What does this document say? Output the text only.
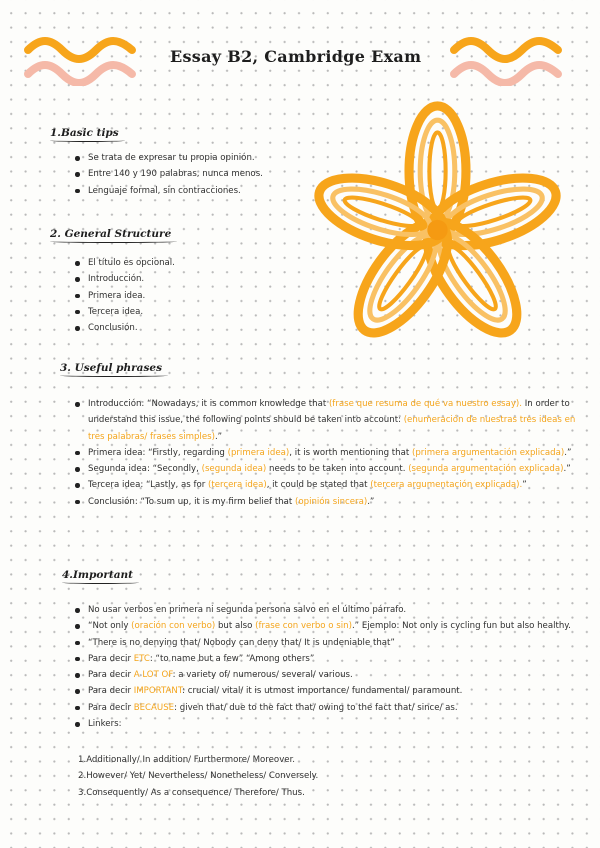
Essay B2, Cambridge Exam
1.Basic tips
Se trata de expresar tu propia opinión.
Entre 140 y 190 palabras, nunca menos.
Lenguaje formal, sin contracciones.
2. General Structure
El título es opcional.
Introducción.
Primera idea.
Tercera idea.
Conclusión.
3. Useful phrases
Introducción: “Nowadays, it is common knowledge that (frase que resuma de qué va nuestro essay). In order to understand this issue, the following points should be taken into account: (enumeración de nuestras tres ideas en tres palabras/ frases simples).”
Primera idea: “Firstly, regarding (primera idea), it is worth mentioning that (primera argumentación explicada).”
Segunda idea: “Secondly, (segunda idea) needs to be taken into account. (segunda argumentación explicada).”
Tercera idea: “Lastly, as for (tercera idea), it could be stated that (tercera argumentación explicada).”
Conclusión: “To sum up, it is my firm belief that (opinión sincera).”
4.Important
No usar verbos en primera ni segunda persona salvo en el último párrafo.
“Not only (oración con verbo) but also (frase con verbo o sin).” Ejemplo: Not only is cycling fun but also healthy.
“There is no denying that/ Nobody can deny that/ It is undeniable that”
Para decir ETC: “to name but a few” “Among others”
Para decir A LOT OF: a variety of/ numerous/ several/ various.
Para decir IMPORTANT: crucial/ vital/ it is utmost importance/ fundamental/ paramount.
Para decir BECAUSE: given that/ due to the fact that/ owing to the fact that/ since/ as.
Linkers:
1.Additionally/ In addition/ Furthermore/ Moreover.
2.However/ Yet/ Nevertheless/ Nonetheless/ Conversely.
3.Consequently/ As a consequence/ Therefore/ Thus.
